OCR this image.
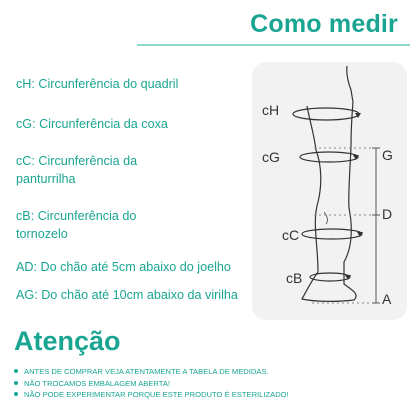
Como medir
cH: Circunferência do quadril
cG: Circunferência da coxa
cC: Circunferência da
panturrilha
cB: Circunferência do
tornozelo
AD: Do chão até 5cm abaixo do joelho
AG: Do chão até 10cm abaixo da virilha
cH
cG
cC
cB
G
D
A
Atenção
ANTES DE COMPRAR VEJA ATENTAMENTE A TABELA DE MEDIDAS.
NÃO TROCAMOS EMBALAGEM ABERTA!
NÃO PODE EXPERIMENTAR PORQUE ESTE PRODUTO É ESTERILIZADO!
